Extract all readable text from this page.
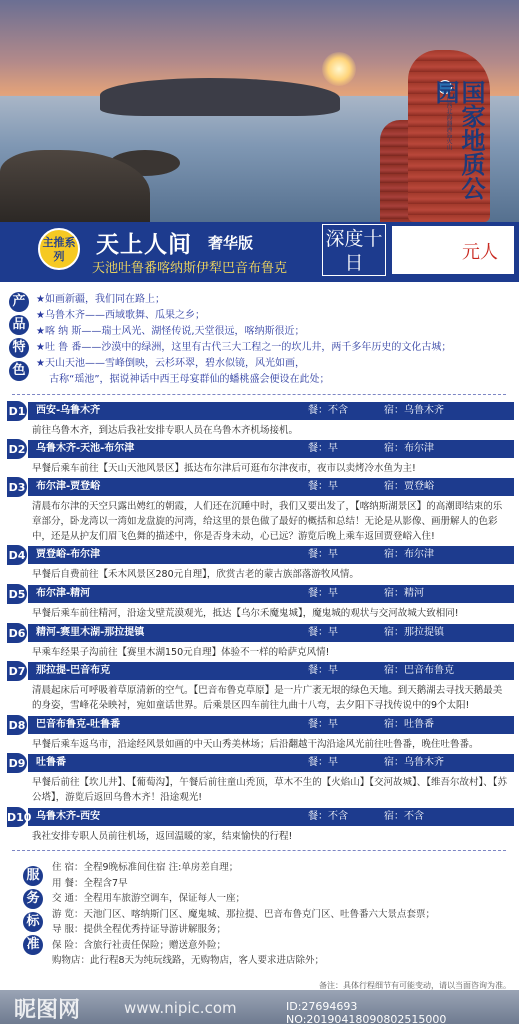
广西北海涠洲岛火山 国家地质公园
主推系列	天上人间 奢华版
天池吐鲁番喀纳斯伊犁巴音布鲁克
深度十日	元人
产
品
特
色
★如画新疆，我们同在路上；
★乌鲁木齐——西域歌舞、瓜果之乡；
★喀 纳 斯——瑞士风光、湖怪传说,天堂很远，喀纳斯很近；
★吐 鲁 番——沙漠中的绿洲，这里有古代三大工程之一的坎儿井，两千多年历史的文化古城；
★天山天池——雪峰倒映，云杉环翠，碧水似镜，风光如画，
　 古称“瑶池”，据说神话中西王母宴群仙的蟠桃盛会便设在此处；
D1 西安-乌鲁木齐	餐：不含	宿：乌鲁木齐
前往乌鲁木齐，到达后我社安排专职人员在乌鲁木齐机场接机。
D2 乌鲁木齐-天池-布尔津	餐：早	宿：布尔津
早餐后乘车前往【天山天池风景区】抵达布尔津后可逛布尔津夜市，夜市以卖烤冷水鱼为主!
D3 布尔津-贾登峪	餐：早	宿：贾登峪
清晨布尔津的天空只露出娉红的朝霞，人们还在沉睡中时，我们又要出发了，【喀纳斯湖景区】的高潮即结束的乐章部分，卧龙湾以一湾如龙盘旋的河湾，给这里的景色做了最好的概括和总结！无论是从影像、画册解人的色彩中，还是从护友们眉飞色舞的描述中，你是否身未动，心已远？游览后晚上乘车返回贾登峪入住!
D4 贾登峪-布尔津	餐：早	宿：布尔津
早餐后自费前往【禾木风景区280元自理】，欣赏古老的蒙古族部落游牧风情。
D5 布尔津-精河	餐：早	宿：精河
早餐后乘车前往精河，沿途戈壁荒漠观光，抵达【乌尔禾魔鬼城】，魔鬼城的观状与交河故城大致相同!
D6 精河-赛里木湖-那拉提镇	餐：早	宿：那拉提镇
早乘车经果子沟前往【赛里木湖150元自理】体验不一样的哈萨克风情!
D7 那拉提-巴音布克	餐：早	宿：巴音布鲁克
清晨起床后可呼吸着草原清新的空气。【巴音布鲁克草原】是一片广袤无垠的绿色天地。到天鹅湖去寻找天鹅最美的身姿，雪峰花朵映衬，宛如童话世界。后乘景区四车前往九曲十八弯，去夕阳下寻找传说中的9个太阳!
D8 巴音布鲁克-吐鲁番	餐：早	宿：吐鲁番
早餐后乘车返乌市，沿途经风景如画的中天山秀美林场；后沿翻越干沟沿途风光前往吐鲁番，晚住吐鲁番。
D9 吐鲁番	餐：早	宿：乌鲁木齐
早餐后前往【坎儿井】、【葡萄沟】，午餐后前往童山秃顶，草木不生的【火焰山】【交河故城】、【维吾尔故村】、【苏公塔】，游览后返回乌鲁木齐！沿途观光!
D10 乌鲁木齐-西安	餐：不含	宿：不含
我社安排专职人员前往机场，返回温暖的家，结束愉快的行程!
服
务
标
准
住 宿：全程9晚标准间住宿 注:单房差自理；
用 餐：全程含7早
交 通：全程用车旅游空调车，保证每人一座；
游 览：天池门区、喀纳斯门区、魔鬼城、那拉提、巴音布鲁克门区、吐鲁番六大景点套票；
导 服：提供全程优秀持证导游讲解服务；
保 险：含旅行社责任保险；赠送意外险；
购物店：此行程8天为纯玩线路，无购物店，客人要求进店除外；
备注：具体行程细节有可能变动，请以当面咨询为准。
昵图网	www.nipic.com	ID:27694693 NO:20190418090802515000
